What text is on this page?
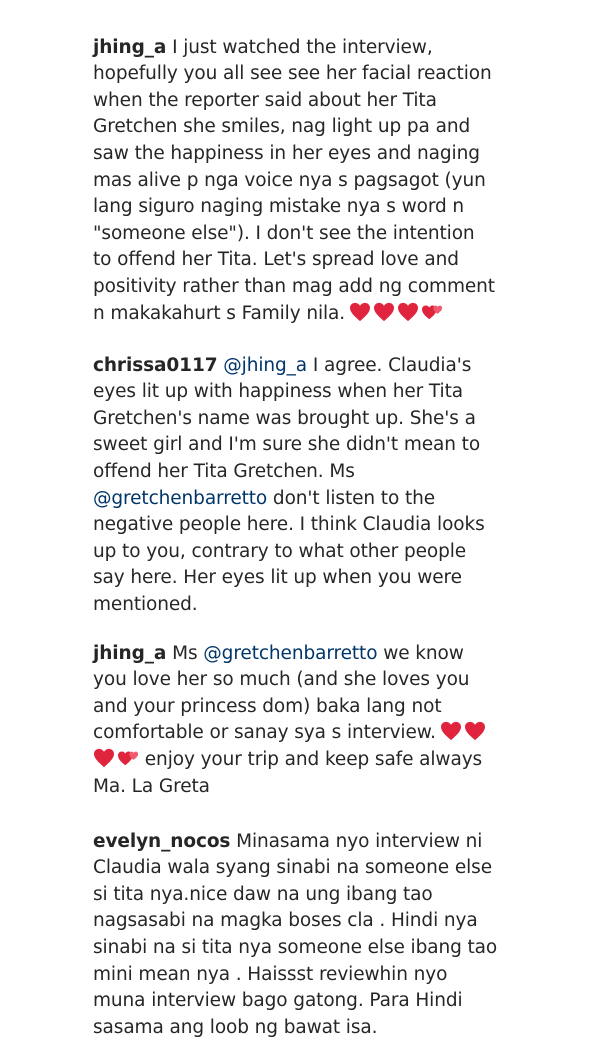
jhing_a I just watched the interview,
hopefully you all see see her facial reaction
when the reporter said about her Tita
Gretchen she smiles, nag light up pa and
saw the happiness in her eyes and naging
mas alive p nga voice nya s pagsagot (yun
lang siguro naging mistake nya s word n
"someone else"). I don't see the intention
to offend her Tita. Let's spread love and
positivity rather than mag add ng comment
n makakahurt s Family nila.

chrissa0117 @jhing_a I agree. Claudia's
eyes lit up with happiness when her Tita
Gretchen's name was brought up. She's a
sweet girl and I'm sure she didn't mean to
offend her Tita Gretchen. Ms
@gretchenbarretto don't listen to the
negative people here. I think Claudia looks
up to you, contrary to what other people
say here. Her eyes lit up when you were
mentioned.

jhing_a Ms @gretchenbarretto we know
you love her so much (and she loves you
and your princess dom) baka lang not
comfortable or sanay sya s interview.

enjoy your trip and keep safe always
Ma. La Greta

evelyn_nocos Minasama nyo interview ni
Claudia wala syang sinabi na someone else
si tita nya.nice daw na ung ibang tao
nagsasabi na magka boses cla . Hindi nya
sinabi na si tita nya someone else ibang tao
mini mean nya . Haissst reviewhin nyo
muna interview bago gatong. Para Hindi
sasama ang loob ng bawat isa.
